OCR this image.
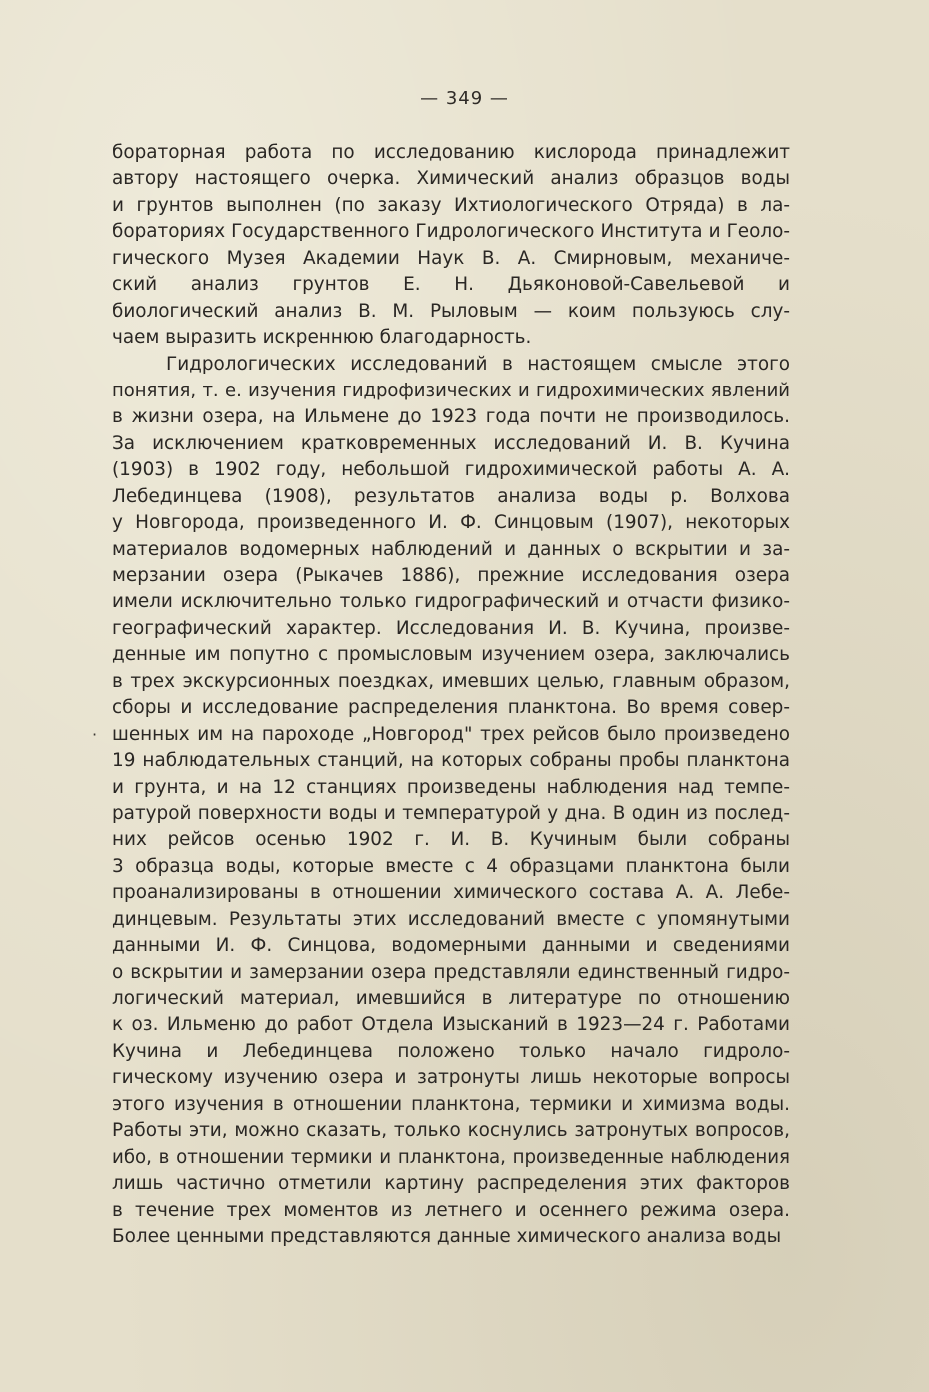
— 349 —
·
бораторная работа по исследованию кислорода принадлежит
автору настоящего очерка. Химический анализ образцов воды
и грунтов выполнен (по заказу Ихтиологического Отряда) в ла-
бораториях Государственного Гидрологического Института и Геоло-
гического Музея Академии Наук В. А. Смирновым, механиче-
ский анализ грунтов Е. Н. Дьяконовой-Савельевой и
биологический анализ В. М. Рыловым — коим пользуюсь слу-
чаем выразить искреннюю благодарность.
Гидрологических исследований в настоящем смысле этого
понятия, т. е. изучения гидрофизических и гидрохимических явлений
в жизни озера, на Ильмене до 1923 года почти не производилось.
За исключением кратковременных исследований И. В. Кучина
(1903) в 1902 году, небольшой гидрохимической работы А. А.
Лебединцева (1908), результатов анализа воды р. Волхова
у Новгорода, произведенного И. Ф. Синцовым (1907), некоторых
материалов водомерных наблюдений и данных о вскрытии и за-
мерзании озера (Рыкачев 1886), прежние исследования озера
имели исключительно только гидрографический и отчасти физико-
географический характер. Исследования И. В. Кучина, произве-
денные им попутно с промысловым изучением озера, заключались
в трех экскурсионных поездках, имевших целью, главным образом,
сборы и исследование распределения планктона. Во время совер-
шенных им на пароходе „Новгород" трех рейсов было произведено
19 наблюдательных станций, на которых собраны пробы планктона
и грунта, и на 12 станциях произведены наблюдения над темпе-
ратурой поверхности воды и температурой у дна. В один из послед-
них рейсов осенью 1902 г. И. В. Кучиным были собраны
3 образца воды, которые вместе с 4 образцами планктона были
проанализированы в отношении химического состава А. А. Лебе-
динцевым. Результаты этих исследований вместе с упомянутыми
данными И. Ф. Синцова, водомерными данными и сведениями
о вскрытии и замерзании озера представляли единственный гидро-
логический материал, имевшийся в литературе по отношению
к оз. Ильменю до работ Отдела Изысканий в 1923—24 г. Работами
Кучина и Лебединцева положено только начало гидроло-
гическому изучению озера и затронуты лишь некоторые вопросы
этого изучения в отношении планктона, термики и химизма воды.
Работы эти, можно сказать, только коснулись затронутых вопросов,
ибо, в отношении термики и планктона, произведенные наблюдения
лишь частично отметили картину распределения этих факторов
в течение трех моментов из летнего и осеннего режима озера.
Более ценными представляются данные химического анализа воды
